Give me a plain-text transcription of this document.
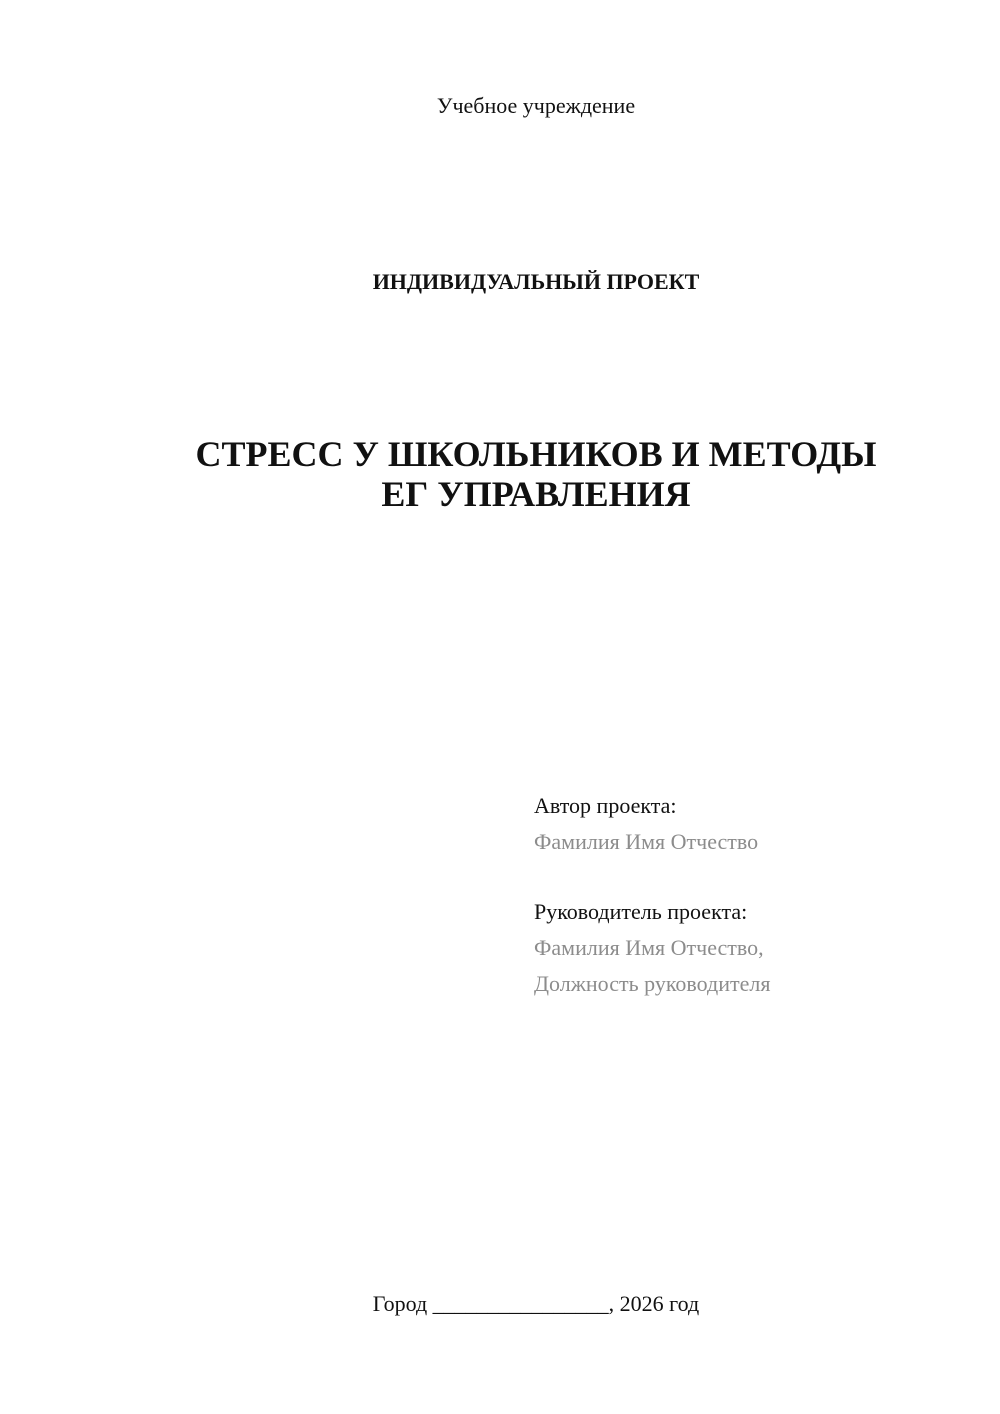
Учебное учреждение
ИНДИВИДУАЛЬНЫЙ ПРОЕКТ
СТРЕСС У ШКОЛЬНИКОВ И МЕТОДЫ
ЕГ УПРАВЛЕНИЯ
Автор проекта:
Фамилия Имя Отчество
Руководитель проекта:
Фамилия Имя Отчество,
Должность руководителя
Город ________________, 2026 год
